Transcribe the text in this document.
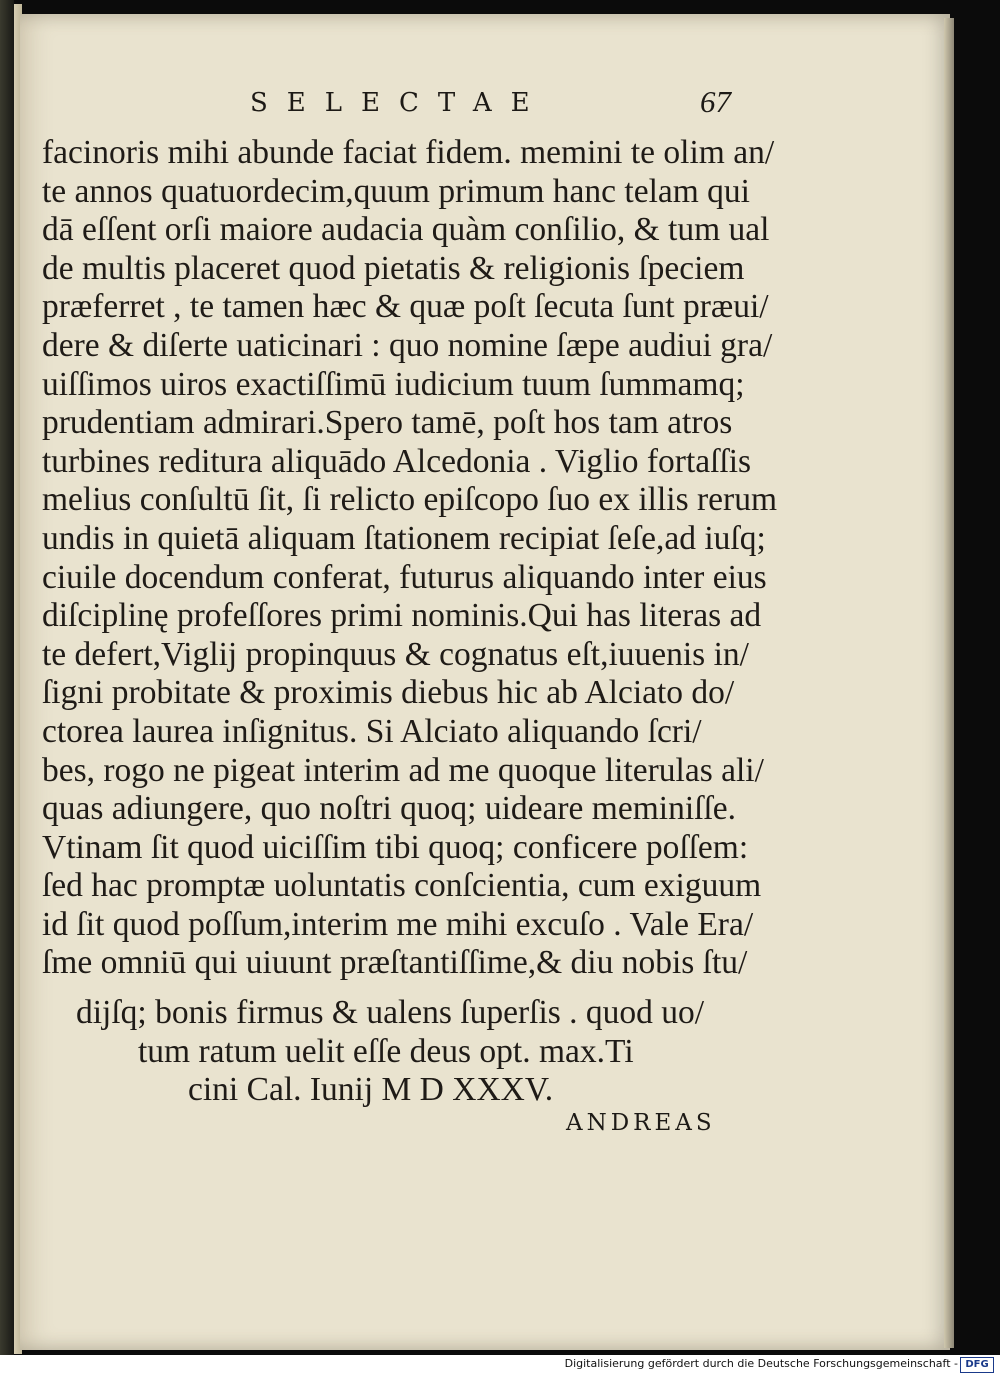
SELECTAE	67
facinoris mihi abunde faciat fidem. memini te olim an/
te annos quatuordecim,quum primum hanc telam qui
dā eſſent orſi maiore audacia quàm conſilio, & tum ual
de multis placeret quod pietatis & religionis ſpeciem
præferret , te tamen hæc & quæ poſt ſecuta ſunt præui/
dere & diſerte uaticinari : quo nomine ſæpe audiui gra/
uiſſimos uiros exactiſſimū iudicium tuum ſummamq;
prudentiam admirari.Spero tamē, poſt hos tam atros
turbines reditura aliquādo Alcedonia . Viglio fortaſſis
melius conſultū ſit, ſi relicto epiſcopo ſuo ex illis rerum
undis in quietā aliquam ſtationem recipiat ſeſe,ad iuſq;
ciuile docendum conferat, futurus aliquando inter eius
diſciplinę profeſſores primi nominis.Qui has literas ad
te defert,Viglij propinquus & cognatus eſt,iuuenis in/
ſigni probitate & proximis diebus hic ab Alciato do/
ctorea laurea inſignitus. Si Alciato aliquando ſcri/
bes, rogo ne pigeat interim ad me quoque literulas ali/
quas adiungere, quo noſtri quoq; uideare meminiſſe.
Vtinam ſit quod uiciſſim tibi quoq; conficere poſſem:
ſed hac promptæ uoluntatis conſcientia, cum exiguum
id ſit quod poſſum,interim me mihi excuſo . Vale Era/
ſme omniū qui uiuunt præſtantiſſime,& diu nobis ſtu/
dijſq; bonis firmus & ualens ſuperſis . quod uo/
tum ratum uelit eſſe deus opt. max.Ti
cini Cal. Iunij M D XXXV.
ANDREAS
Digitalisierung gefördert durch die Deutsche Forschungsgemeinschaft - DFG
